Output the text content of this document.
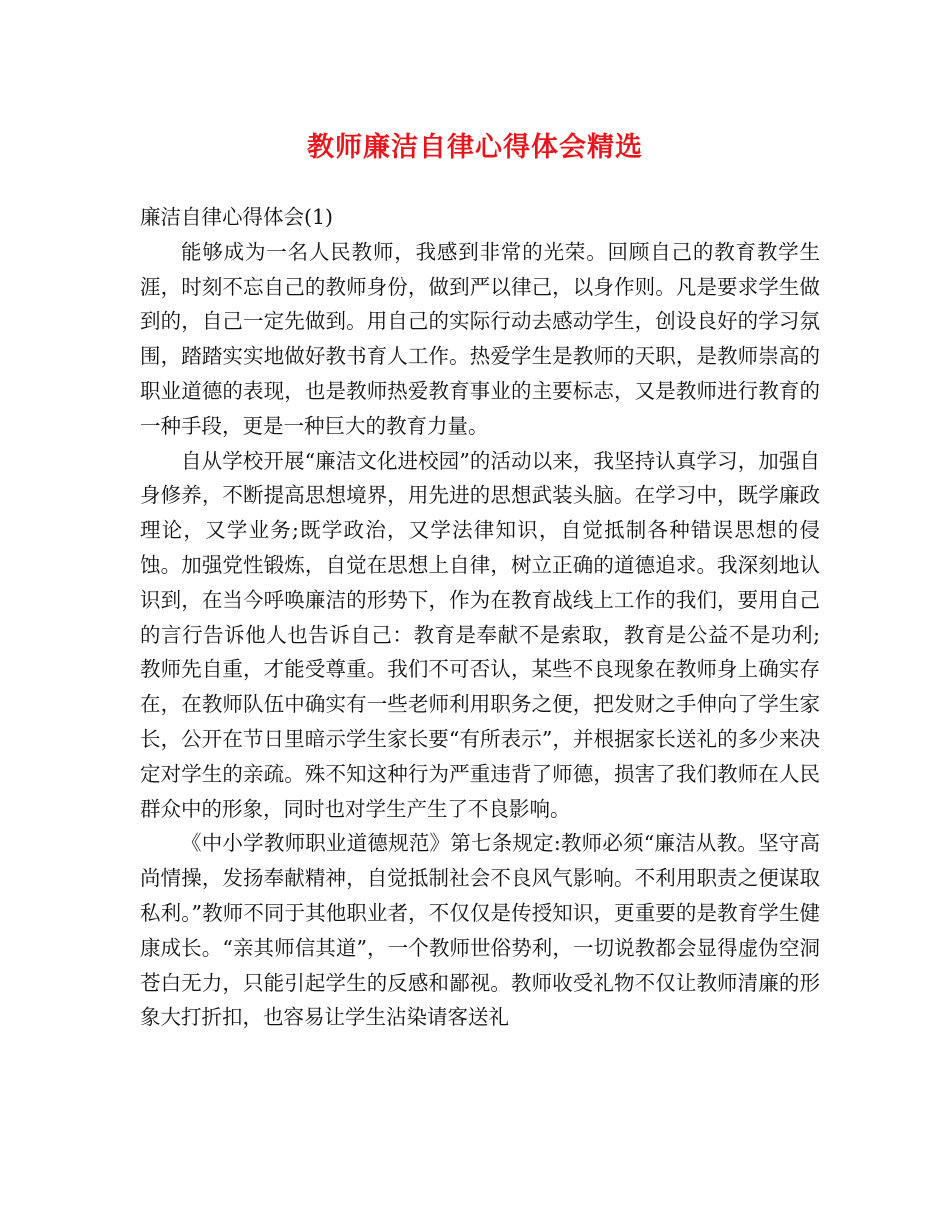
教师廉洁自律心得体会精选

廉洁自律心得体会(1)

能够成为一名人民教师，我感到非常的光荣。回顾自己的教育教学生涯，时刻不忘自己的教师身份，做到严以律己，以身作则。凡是要求学生做到的，自己一定先做到。用自己的实际行动去感动学生，创设良好的学习氛围，踏踏实实地做好教书育人工作。热爱学生是教师的天职，是教师崇高的职业道德的表现，也是教师热爱教育事业的主要标志，又是教师进行教育的一种手段，更是一种巨大的教育力量。

自从学校开展“廉洁文化进校园”的活动以来，我坚持认真学习，加强自身修养，不断提高思想境界，用先进的思想武装头脑。在学习中，既学廉政理论，又学业务;既学政治，又学法律知识，自觉抵制各种错误思想的侵蚀。加强党性锻炼，自觉在思想上自律，树立正确的道德追求。我深刻地认识到，在当今呼唤廉洁的形势下，作为在教育战线上工作的我们，要用自己的言行告诉他人也告诉自己：教育是奉献不是索取，教育是公益不是功利;教师先自重，才能受尊重。我们不可否认，某些不良现象在教师身上确实存在，在教师队伍中确实有一些老师利用职务之便，把发财之手伸向了学生家长，公开在节日里暗示学生家长要“有所表示”，并根据家长送礼的多少来决定对学生的亲疏。殊不知这种行为严重违背了师德，损害了我们教师在人民群众中的形象，同时也对学生产生了不良影响。

《中小学教师职业道德规范》第七条规定:教师必须“廉洁从教。坚守高尚情操，发扬奉献精神，自觉抵制社会不良风气影响。不利用职责之便谋取私利。”教师不同于其他职业者，不仅仅是传授知识，更重要的是教育学生健康成长。“亲其师信其道”，一个教师世俗势利，一切说教都会显得虚伪空洞苍白无力，只能引起学生的反感和鄙视。教师收受礼物不仅让教师清廉的形象大打折扣，也容易让学生沾染请客送礼
